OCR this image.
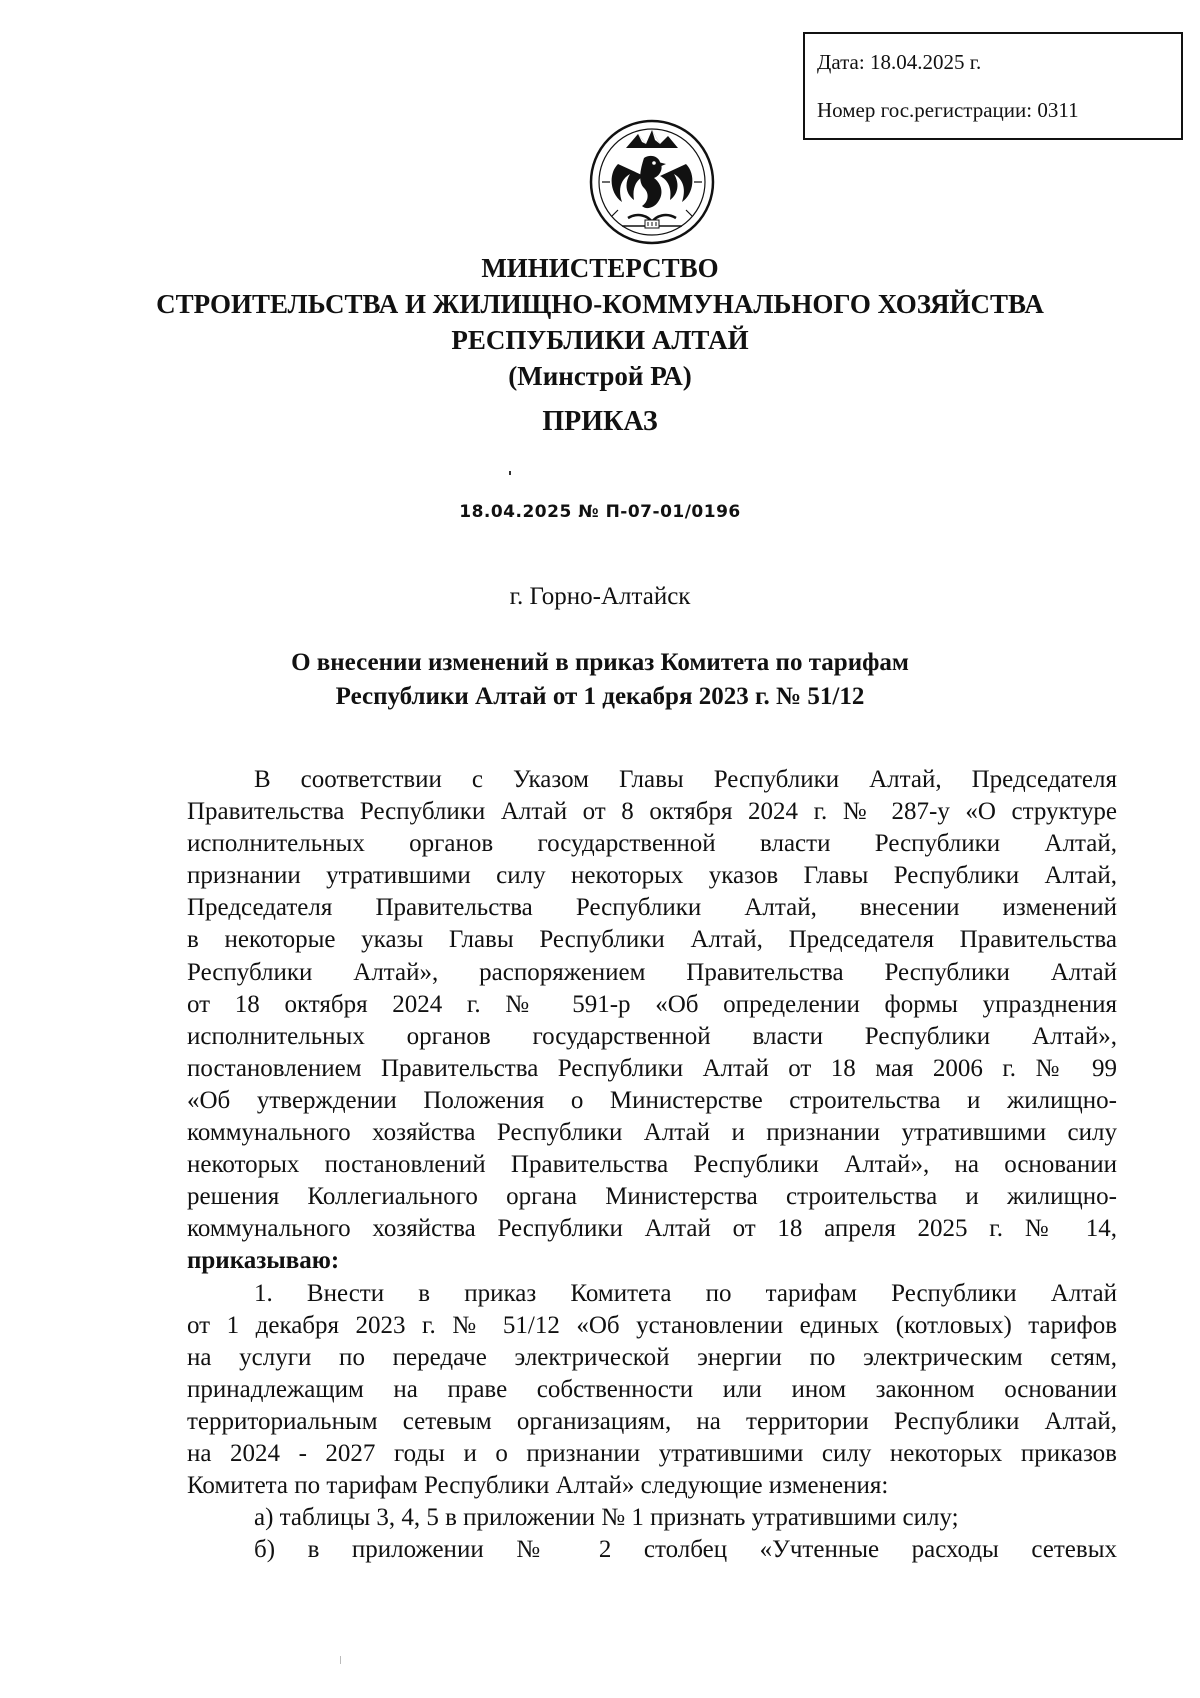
Дата: 18.04.2025 г.
Номер гос.регистрации: 0311
МИНИСТЕРСТВО
СТРОИТЕЛЬСТВА И ЖИЛИЩНО-КОММУНАЛЬНОГО ХОЗЯЙСТВА
РЕСПУБЛИКИ АЛТАЙ
(Минстрой РА)
ПРИКАЗ
18.04.2025 № П-07-01/0196
г. Горно-Алтайск
О внесении изменений в приказ Комитета по тарифам
Республики Алтай от 1 декабря 2023 г. № 51/12
В соответствии с Указом Главы Республики Алтай, Председателя
Правительства Республики Алтай от 8 октября 2024 г. № 287-у «О структуре
исполнительных органов государственной власти Республики Алтай,
признании утратившими силу некоторых указов Главы Республики Алтай,
Председателя Правительства Республики Алтай, внесении изменений
в некоторые указы Главы Республики Алтай, Председателя Правительства
Республики Алтай», распоряжением Правительства Республики Алтай
от 18 октября 2024 г. № 591-р «Об определении формы упразднения
исполнительных органов государственной власти Республики Алтай»,
постановлением Правительства Республики Алтай от 18 мая 2006 г. № 99
«Об утверждении Положения о Министерстве строительства и жилищно-
коммунального хозяйства Республики Алтай и признании утратившими силу
некоторых постановлений Правительства Республики Алтай», на основании
решения Коллегиального органа Министерства строительства и жилищно-
коммунального хозяйства Республики Алтай от 18 апреля 2025 г. № 14,
приказываю:
1. Внести в приказ Комитета по тарифам Республики Алтай
от 1 декабря 2023 г. № 51/12 «Об установлении единых (котловых) тарифов
на услуги по передаче электрической энергии по электрическим сетям,
принадлежащим на праве собственности или ином законном основании
территориальным сетевым организациям, на территории Республики Алтай,
на 2024 - 2027 годы и о признании утратившими силу некоторых приказов
Комитета по тарифам Республики Алтай» следующие изменения:
а) таблицы 3, 4, 5 в приложении № 1 признать утратившими силу;
б) в приложении № 2 столбец «Учтенные расходы сетевых
